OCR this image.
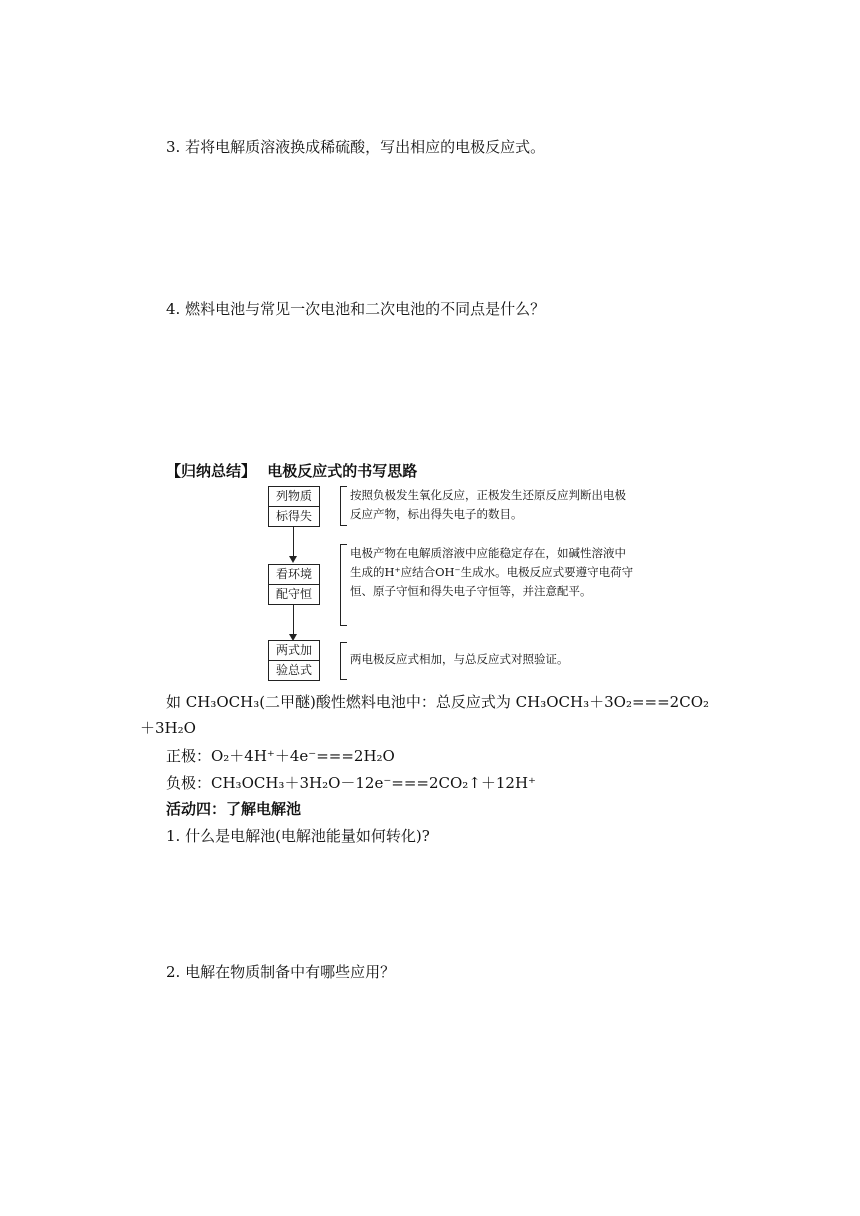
3. 若将电解质溶液换成稀硫酸，写出相应的电极反应式。
4. 燃料电池与常见一次电池和二次电池的不同点是什么？
【归纳总结】 电极反应式的书写思路
列物质
标得失
按照负极发生氧化反应，正极发生还原反应判断出电极反应产物，标出得失电子的数目。
看环境
配守恒
电极产物在电解质溶液中应能稳定存在，如碱性溶液中生成的H⁺应结合OH⁻生成水。电极反应式要遵守电荷守恒、原子守恒和得失电子守恒等，并注意配平。
两式加
验总式
两电极反应式相加，与总反应式对照验证。
如 CH₃OCH₃(二甲醚)酸性燃料电池中：总反应式为 CH₃OCH₃＋3O₂===2CO₂
＋3H₂O
正极：O₂＋4H⁺＋4e⁻===2H₂O
负极：CH₃OCH₃＋3H₂O－12e⁻===2CO₂↑＋12H⁺
活动四：了解电解池
1. 什么是电解池(电解池能量如何转化)?
2. 电解在物质制备中有哪些应用？
